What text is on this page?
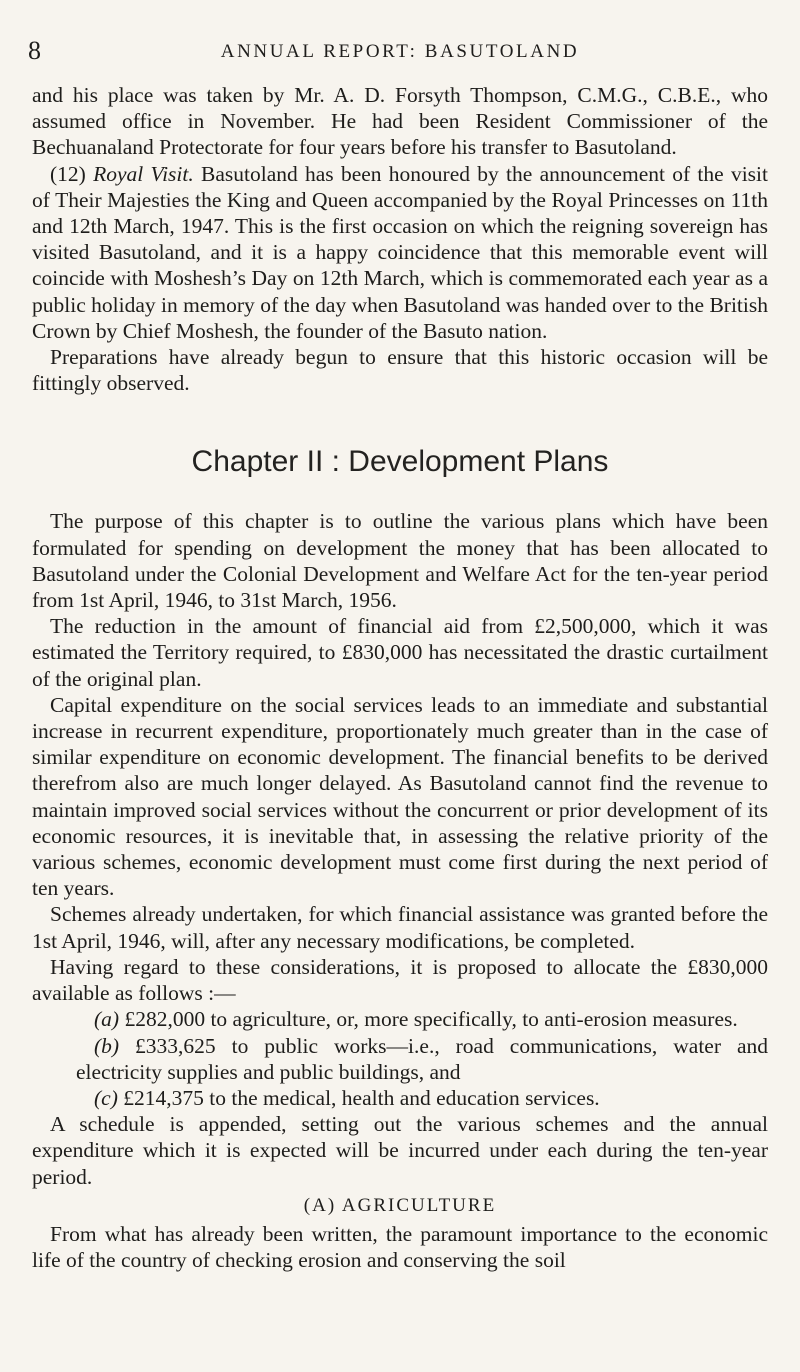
8	ANNUAL REPORT: BASUTOLAND

and his place was taken by Mr. A. D. Forsyth Thompson, C.M.G., C.B.E., who assumed office in November. He had been Resident Commissioner of the Bechuanaland Protectorate for four years before his transfer to Basutoland.

(12) Royal Visit. Basutoland has been honoured by the announcement of the visit of Their Majesties the King and Queen accompanied by the Royal Princesses on 11th and 12th March, 1947. This is the first occasion on which the reigning sovereign has visited Basutoland, and it is a happy coincidence that this memorable event will coincide with Moshesh’s Day on 12th March, which is commemorated each year as a public holiday in memory of the day when Basutoland was handed over to the British Crown by Chief Moshesh, the founder of the Basuto nation.

Preparations have already begun to ensure that this historic occasion will be fittingly observed.

Chapter II : Development Plans

The purpose of this chapter is to outline the various plans which have been formulated for spending on development the money that has been allocated to Basutoland under the Colonial Development and Welfare Act for the ten-year period from 1st April, 1946, to 31st March, 1956.

The reduction in the amount of financial aid from £2,500,000, which it was estimated the Territory required, to £830,000 has necessitated the drastic curtailment of the original plan.

Capital expenditure on the social services leads to an immediate and substantial increase in recurrent expenditure, proportionately much greater than in the case of similar expenditure on economic development. The financial benefits to be derived therefrom also are much longer delayed. As Basutoland cannot find the revenue to maintain improved social services without the concurrent or prior development of its economic resources, it is inevitable that, in assessing the relative priority of the various schemes, economic development must come first during the next period of ten years.

Schemes already undertaken, for which financial assistance was granted before the 1st April, 1946, will, after any necessary modifications, be completed.

Having regard to these considerations, it is proposed to allocate the £830,000 available as follows :—

(a) £282,000 to agriculture, or, more specifically, to anti-erosion measures.

(b) £333,625 to public works—i.e., road communications, water and electricity supplies and public buildings, and

(c) £214,375 to the medical, health and education services.

A schedule is appended, setting out the various schemes and the annual expenditure which it is expected will be incurred under each during the ten-year period.

(A) AGRICULTURE

From what has already been written, the paramount importance to the economic life of the country of checking erosion and conserving the soil
